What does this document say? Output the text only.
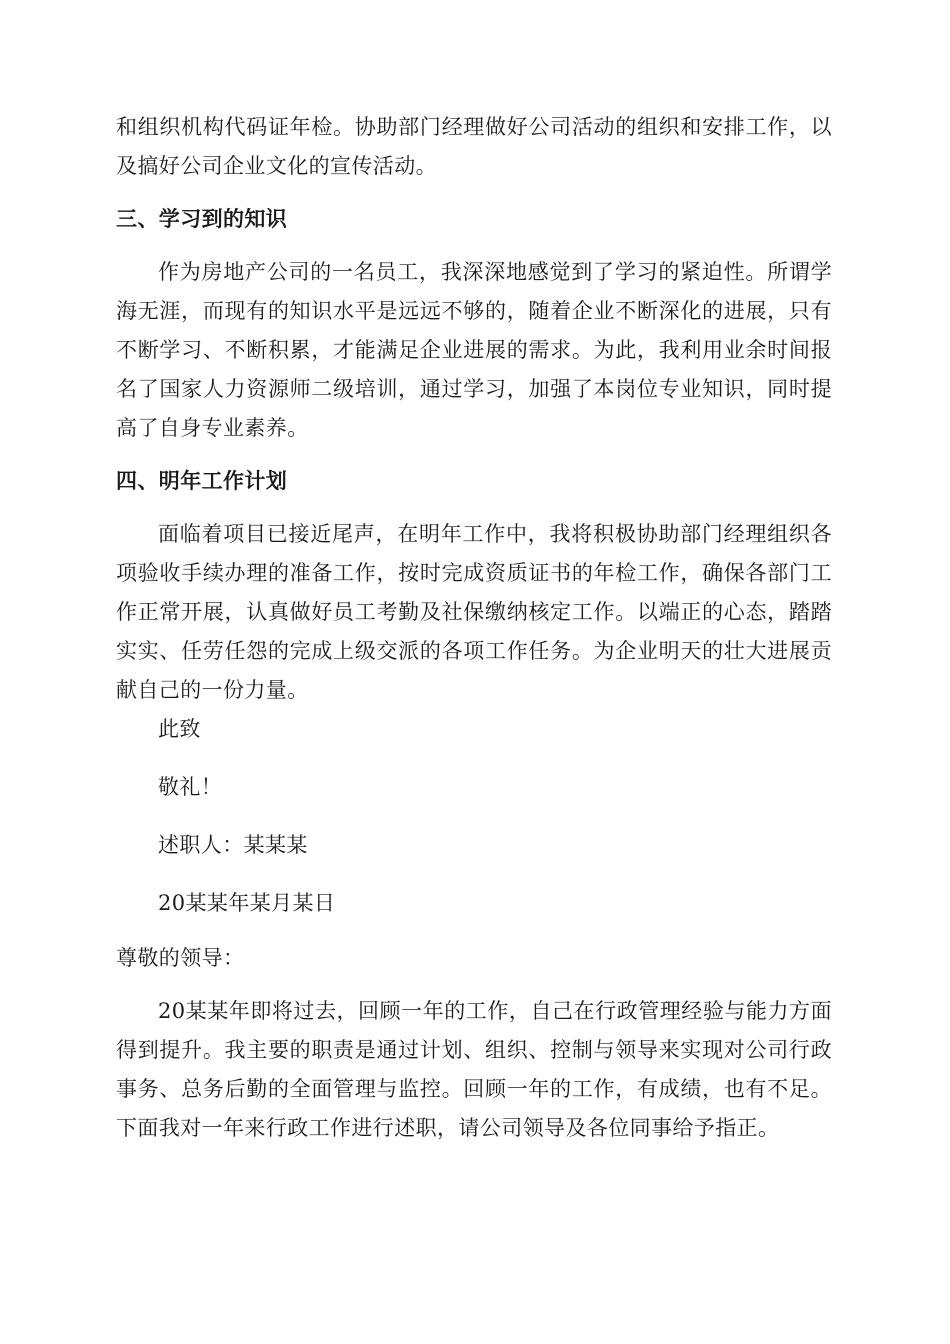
和组织机构代码证年检。协助部门经理做好公司活动的组织和安排工作，以及搞好公司企业文化的宣传活动。

三、学习到的知识

作为房地产公司的一名员工，我深深地感觉到了学习的紧迫性。所谓学海无涯，而现有的知识水平是远远不够的，随着企业不断深化的进展，只有不断学习、不断积累，才能满足企业进展的需求。为此，我利用业余时间报名了国家人力资源师二级培训，通过学习，加强了本岗位专业知识，同时提高了自身专业素养。

四、明年工作计划

面临着项目已接近尾声，在明年工作中，我将积极协助部门经理组织各项验收手续办理的准备工作，按时完成资质证书的年检工作，确保各部门工作正常开展，认真做好员工考勤及社保缴纳核定工作。以端正的心态，踏踏实实、任劳任怨的完成上级交派的各项工作任务。为企业明天的壮大进展贡献自己的一份力量。

此致

敬礼！

述职人：某某某

20某某年某月某日

尊敬的领导：

20某某年即将过去，回顾一年的工作，自己在行政管理经验与能力方面得到提升。我主要的职责是通过计划、组织、控制与领导来实现对公司行政事务、总务后勤的全面管理与监控。回顾一年的工作，有成绩，也有不足。下面我对一年来行政工作进行述职，请公司领导及各位同事给予指正。
